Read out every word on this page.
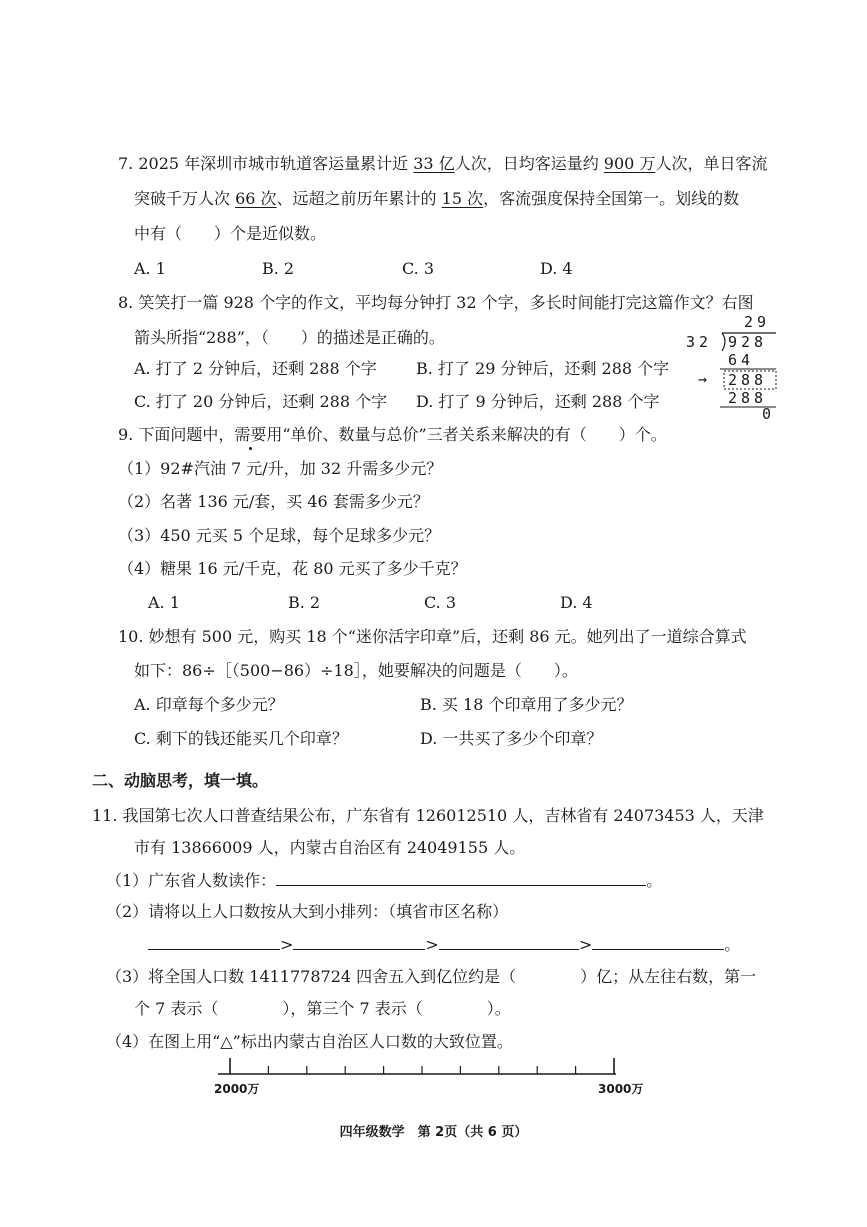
7. 2025 年深圳市城市轨道客运量累计近 33 亿人次，日均客运量约 900 万人次，单日客流
突破千万人次 66 次、远超之前历年累计的 15 次，客流强度保持全国第一。划线的数
中有（　　）个是近似数。
A. 1	B. 2	C. 3	D. 4
8. 笑笑打一篇 928 个字的作文，平均每分钟打 32 个字，多长时间能打完这篇作文？右图
箭头所指“288”，（　　）的描述是正确的。
A. 打了 2 分钟后，还剩 288 个字 B. 打了 29 分钟后，还剩 288 个字
C. 打了 20 分钟后，还剩 288 个字 D. 打了 9 分钟后，还剩 288 个字
29
32 928
64
→ 288
288
0
9. 下面问题中，需要用“单价、数量与总价”三者关系来解决的有（　　）个。
（1）92#汽油 7 元/升，加 32 升需多少元？
（2）名著 136 元/套，买 46 套需多少元？
（3）450 元买 5 个足球，每个足球多少元？
（4）糖果 16 元/千克，花 80 元买了多少千克？
A. 1	B. 2	C. 3	D. 4
10. 妙想有 500 元，购买 18 个“迷你活字印章”后，还剩 86 元。她列出了一道综合算式
如下：86÷［（500−86）÷18］，她要解决的问题是（　　）。
A. 印章每个多少元？	B. 买 18 个印章用了多少元？
C. 剩下的钱还能买几个印章？	D. 一共买了多少个印章？
二、动脑思考，填一填。
11. 我国第七次人口普查结果公布，广东省有 126012510 人，吉林省有 24073453 人，天津
市有 13866009 人，内蒙古自治区有 24049155 人。
（1）广东省人数读作：	。
（2）请将以上人口数按从大到小排列：（填省市区名称）
>	>	>	。
（3）将全国人口数 1411778724 四舍五入到亿位约是（　　　　）亿；从左往右数，第一
个 7 表示（　　　　），第三个 7 表示（　　　　）。
（4）在图上用“△”标出内蒙古自治区人口数的大致位置。
2000万	3000万
四年级数学　第 2页（共 6 页）
